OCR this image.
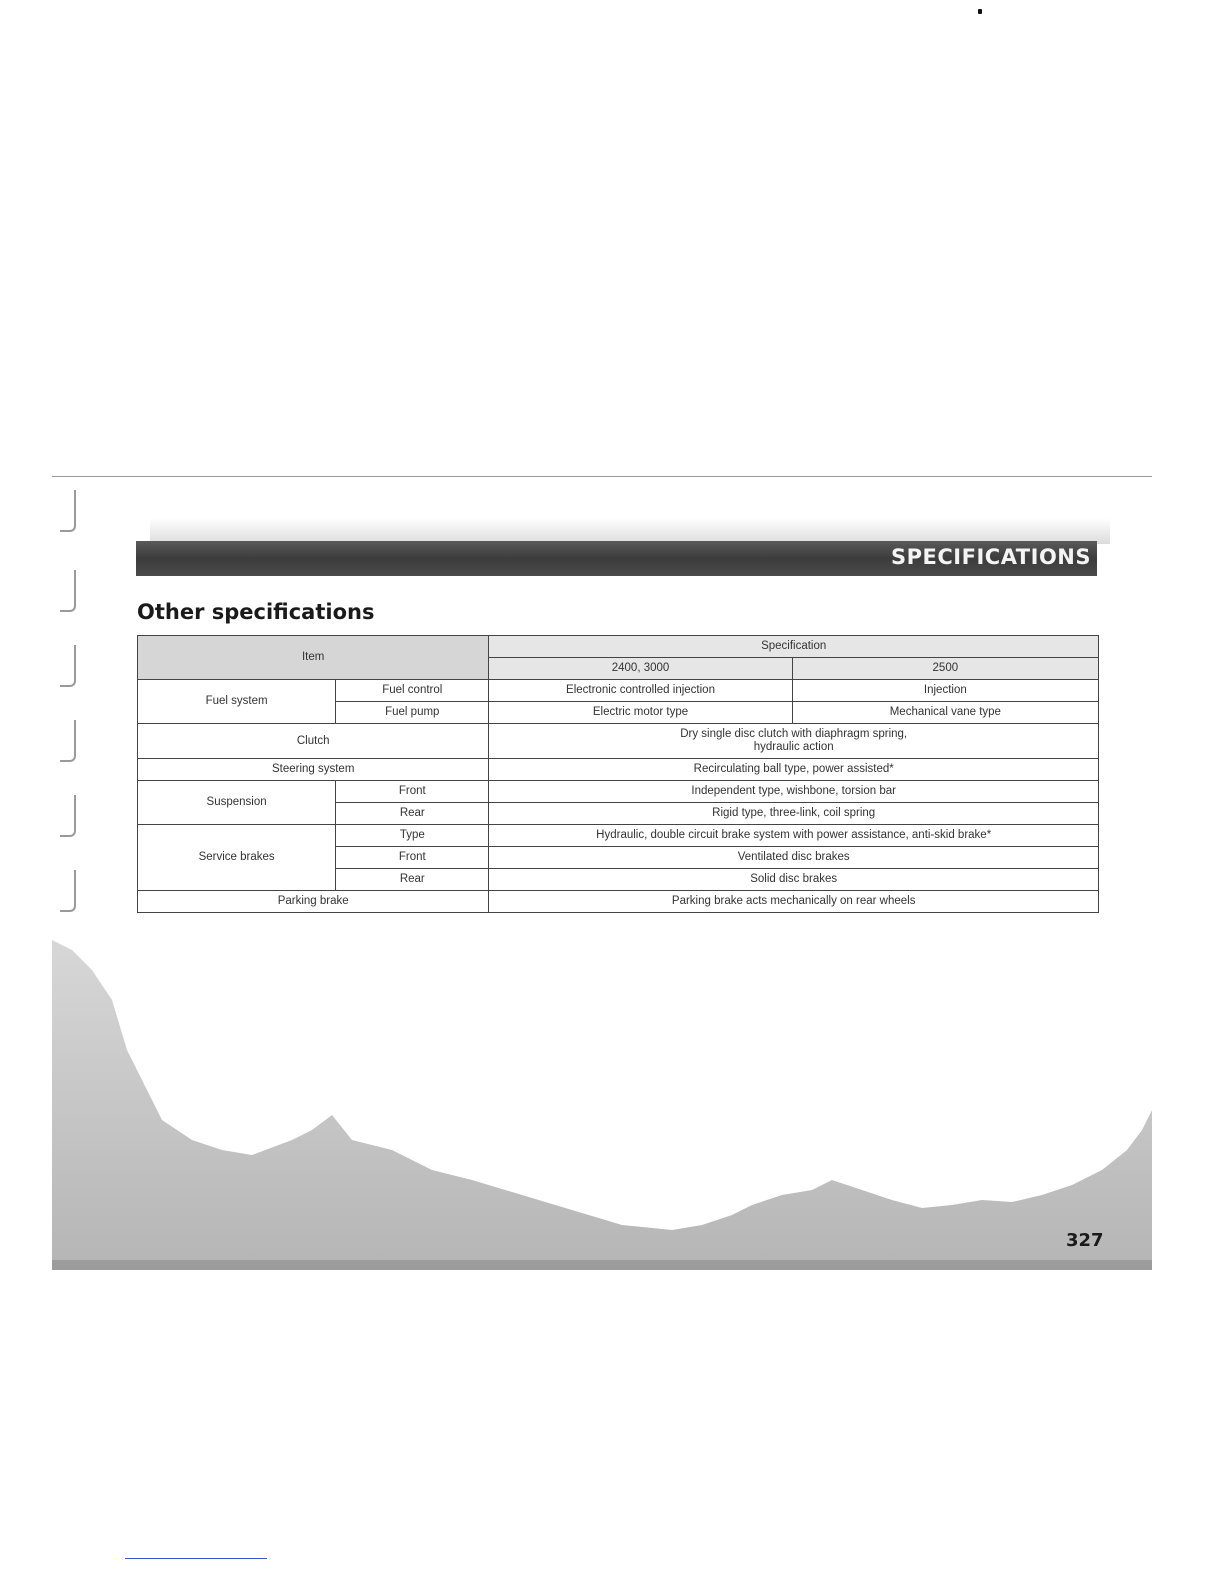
SPECIFICATIONS
Other specifications
Item		Specification	
		2400, 3000	2500
Fuel system	Fuel control	Electronic controlled injection	Injection
	Fuel pump	Electric motor type	Mechanical vane type
Clutch		Dry single disc clutch with diaphragm spring,
hydraulic action	

Steering system		Recirculating ball type, power assisted*	
Suspension	Front	Independent type, wishbone, torsion bar	
	Rear	Rigid type, three-link, coil spring	
Service brakes	Type	Hydraulic, double circuit brake system with power assistance, anti-skid brake*	
	Front	Ventilated disc brakes	
	Rear	Solid disc brakes	
Parking brake		Parking brake acts mechanically on rear wheels	
327
